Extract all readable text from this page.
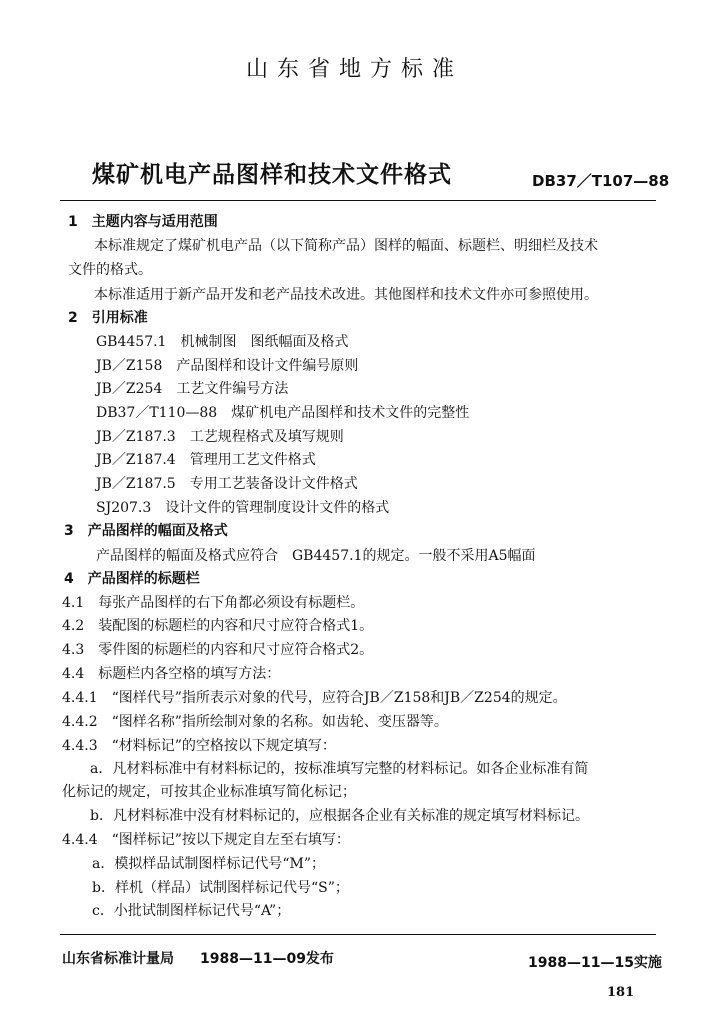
山东省地方标准
煤矿机电产品图样和技术文件格式	DB37／T107—88
1　主题内容与适用范围
本标准规定了煤矿机电产品（以下简称产品）图样的幅面、标题栏、明细栏及技术
文件的格式。
本标准适用于新产品开发和老产品技术改进。其他图样和技术文件亦可参照使用。
2　引用标准
GB4457.1　机械制图　图纸幅面及格式
JB／Z158　产品图样和设计文件编号原则
JB／Z254　工艺文件编号方法
DB37／T110—88　煤矿机电产品图样和技术文件的完整性
JB／Z187.3　工艺规程格式及填写规则
JB／Z187.4　管理用工艺文件格式
JB／Z187.5　专用工艺装备设计文件格式
SJ207.3　设计文件的管理制度设计文件的格式
3　产品图样的幅面及格式
产品图样的幅面及格式应符合　GB4457.1的规定。一般不采用A5幅面
4　产品图样的标题栏
4.1　每张产品图样的右下角都必须设有标题栏。
4.2　装配图的标题栏的内容和尺寸应符合格式1。
4.3　零件图的标题栏的内容和尺寸应符合格式2。
4.4　标题栏内各空格的填写方法：
4.4.1　“图样代号”指所表示对象的代号，应符合JB／Z158和JB／Z254的规定。
4.4.2　“图样名称”指所绘制对象的名称。如齿轮、变压器等。
4.4.3　“材料标记”的空格按以下规定填写：
a．凡材料标准中有材料标记的，按标准填写完整的材料标记。如各企业标准有简
化标记的规定，可按其企业标准填写简化标记；
b．凡材料标准中没有材料标记的，应根据各企业有关标准的规定填写材料标记。
4.4.4　“图样标记”按以下规定自左至右填写：
a．模拟样品试制图样标记代号“M”；
b．样机（样品）试制图样标记代号“S”；
c．小批试制图样标记代号“A”；
山东省标准计量局 1988—11—09发布	1988—11—15实施
181
